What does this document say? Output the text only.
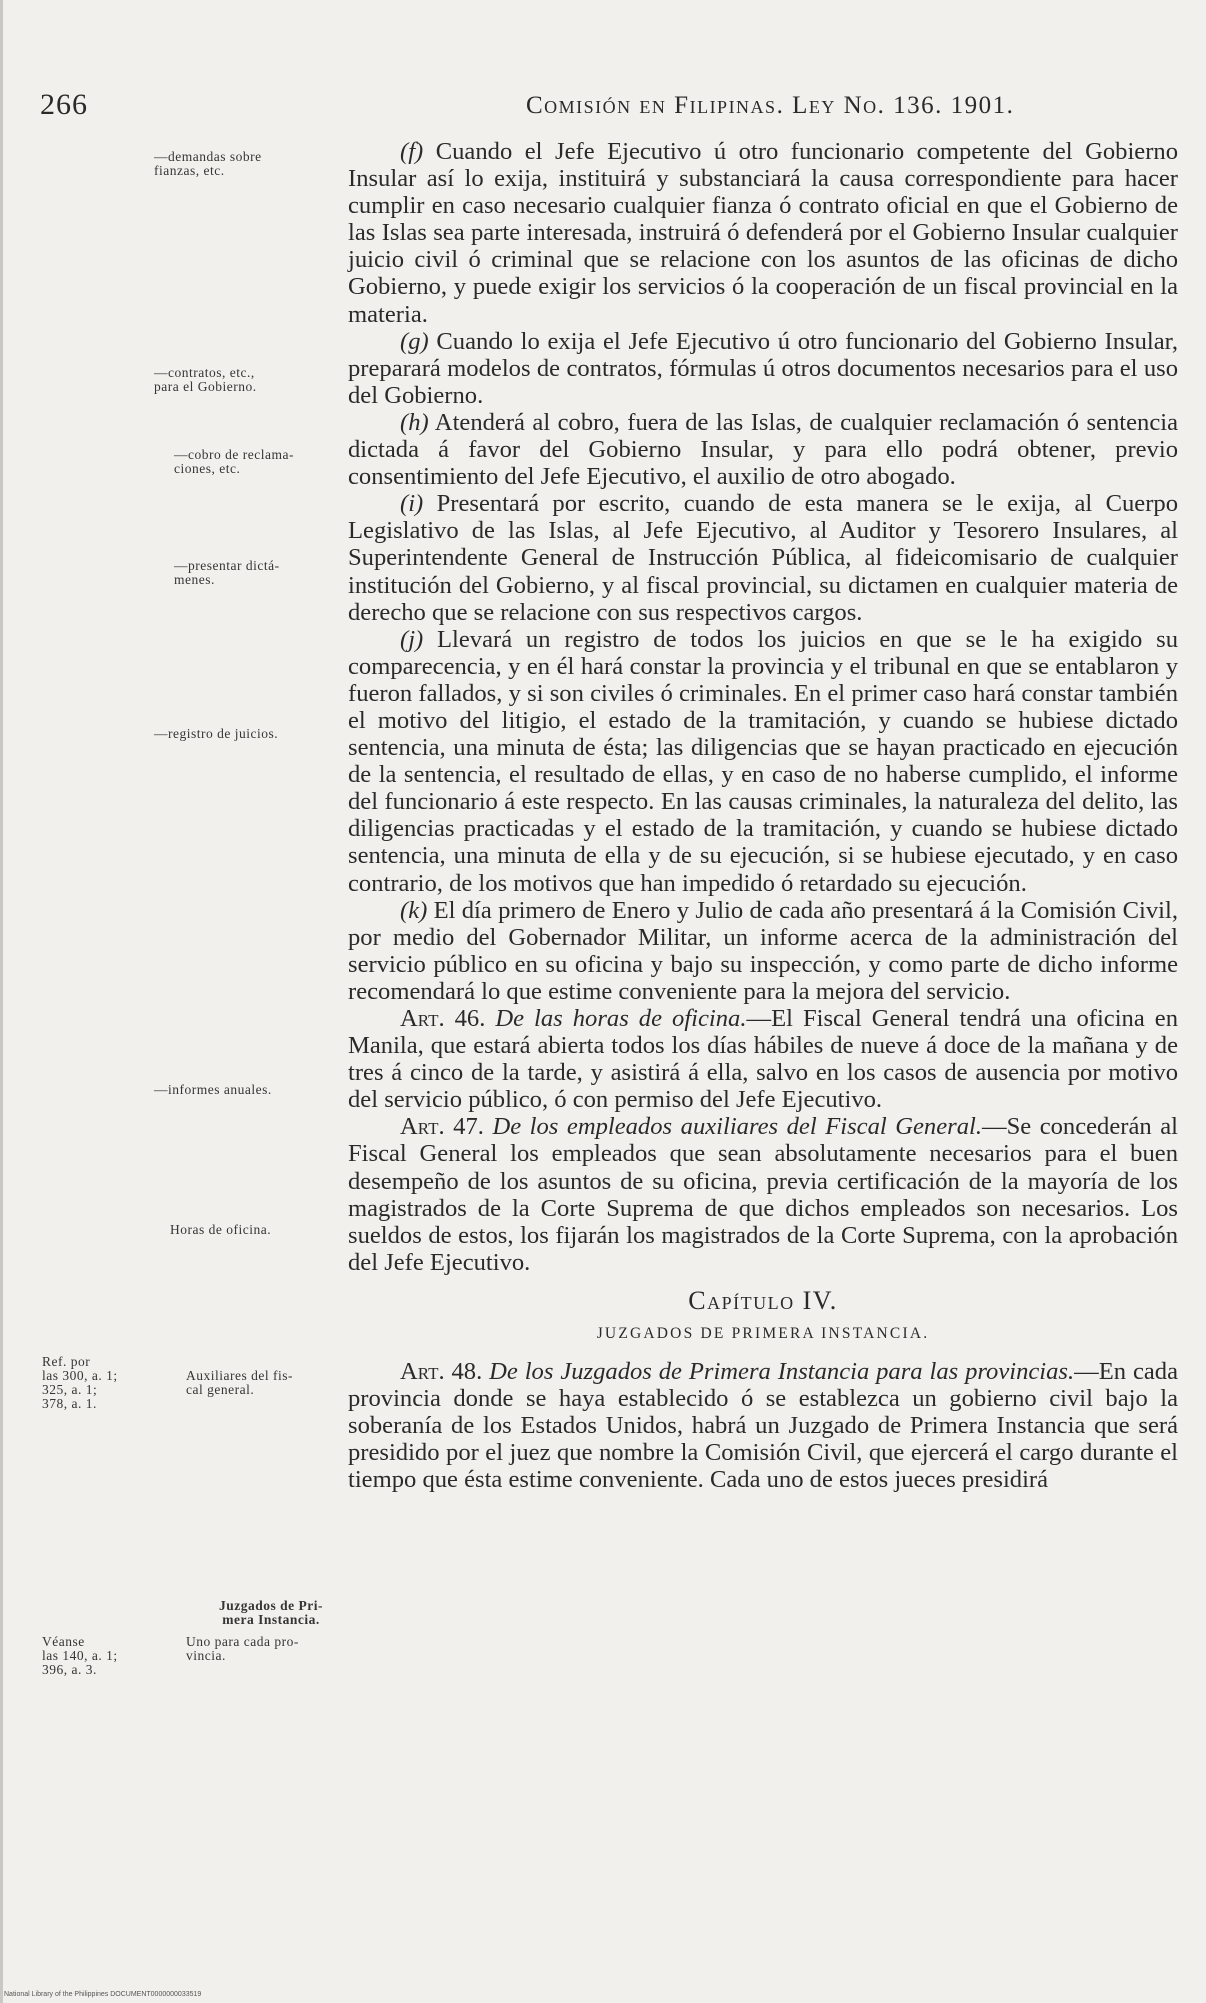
266	Comisión en Filipinas. Ley No. 136. 1901.
—demandas sobre
fianzas, etc.
—contratos, etc.,
para el Gobierno.
—cobro de reclama-
ciones, etc.
—presentar dictá-
menes.
—registro de juicios.
—informes anuales.
Horas de oficina.
Ref. por
las 300, a. 1;
325, a. 1;
378, a. 1.
Auxiliares del fis-
cal general.
Juzgados de Pri-
mera Instancia.
Véanse
las 140, a. 1;
396, a. 3.
Uno para cada pro-
vincia.

(f) Cuando el Jefe Ejecutivo ú otro funcionario competente del Gobierno Insular así lo exija, instituirá y substanciará la causa correspondiente para hacer cumplir en caso necesario cualquier fianza ó contrato oficial en que el Gobierno de las Islas sea parte interesada, instruirá ó defenderá por el Gobierno Insular cualquier juicio civil ó criminal que se relacione con los asuntos de las oficinas de dicho Gobierno, y puede exigir los servicios ó la cooperación de un fiscal provincial en la materia.

(g) Cuando lo exija el Jefe Ejecutivo ú otro funcionario del Gobierno Insular, preparará modelos de contratos, fórmulas ú otros documentos necesarios para el uso del Gobierno.

(h) Atenderá al cobro, fuera de las Islas, de cualquier reclamación ó sentencia dictada á favor del Gobierno Insular, y para ello podrá obtener, previo consentimiento del Jefe Ejecutivo, el auxilio de otro abogado.

(i) Presentará por escrito, cuando de esta manera se le exija, al Cuerpo Legislativo de las Islas, al Jefe Ejecutivo, al Auditor y Tesorero Insulares, al Superintendente General de Instrucción Pública, al fideicomisario de cualquier institución del Gobierno, y al fiscal provincial, su dictamen en cualquier materia de derecho que se relacione con sus respectivos cargos.

(j) Llevará un registro de todos los juicios en que se le ha exigido su comparecencia, y en él hará constar la provincia y el tribunal en que se entablaron y fueron fallados, y si son civiles ó criminales. En el primer caso hará constar también el motivo del litigio, el estado de la tramitación, y cuando se hubiese dictado sentencia, una minuta de ésta; las diligencias que se hayan practicado en ejecución de la sentencia, el resultado de ellas, y en caso de no haberse cumplido, el informe del funcionario á este respecto. En las causas criminales, la naturaleza del delito, las diligencias practicadas y el estado de la tramitación, y cuando se hubiese dictado sentencia, una minuta de ella y de su ejecución, si se hubiese ejecutado, y en caso contrario, de los motivos que han impedido ó retardado su ejecución.

(k) El día primero de Enero y Julio de cada año presentará á la Comisión Civil, por medio del Gobernador Militar, un informe acerca de la administración del servicio público en su oficina y bajo su inspección, y como parte de dicho informe recomendará lo que estime conveniente para la mejora del servicio.

Art. 46. De las horas de oficina.—El Fiscal General tendrá una oficina en Manila, que estará abierta todos los días hábiles de nueve á doce de la mañana y de tres á cinco de la tarde, y asistirá á ella, salvo en los casos de ausencia por motivo del servicio público, ó con permiso del Jefe Ejecutivo.

Art. 47. De los empleados auxiliares del Fiscal General.—Se concederán al Fiscal General los empleados que sean absolutamente necesarios para el buen desempeño de los asuntos de su oficina, previa certificación de la mayoría de los magistrados de la Corte Suprema de que dichos empleados son necesarios. Los sueldos de estos, los fijarán los magistrados de la Corte Suprema, con la aprobación del Jefe Ejecutivo.

Capítulo IV.
JUZGADOS DE PRIMERA INSTANCIA.

Art. 48. De los Juzgados de Primera Instancia para las provincias.—En cada provincia donde se haya establecido ó se establezca un gobierno civil bajo la soberanía de los Estados Unidos, habrá un Juzgado de Primera Instancia que será presidido por el juez que nombre la Comisión Civil, que ejercerá el cargo durante el tiempo que ésta estime conveniente. Cada uno de estos jueces presidirá

National Library of the Philippines DOCUMENT0000000033519
